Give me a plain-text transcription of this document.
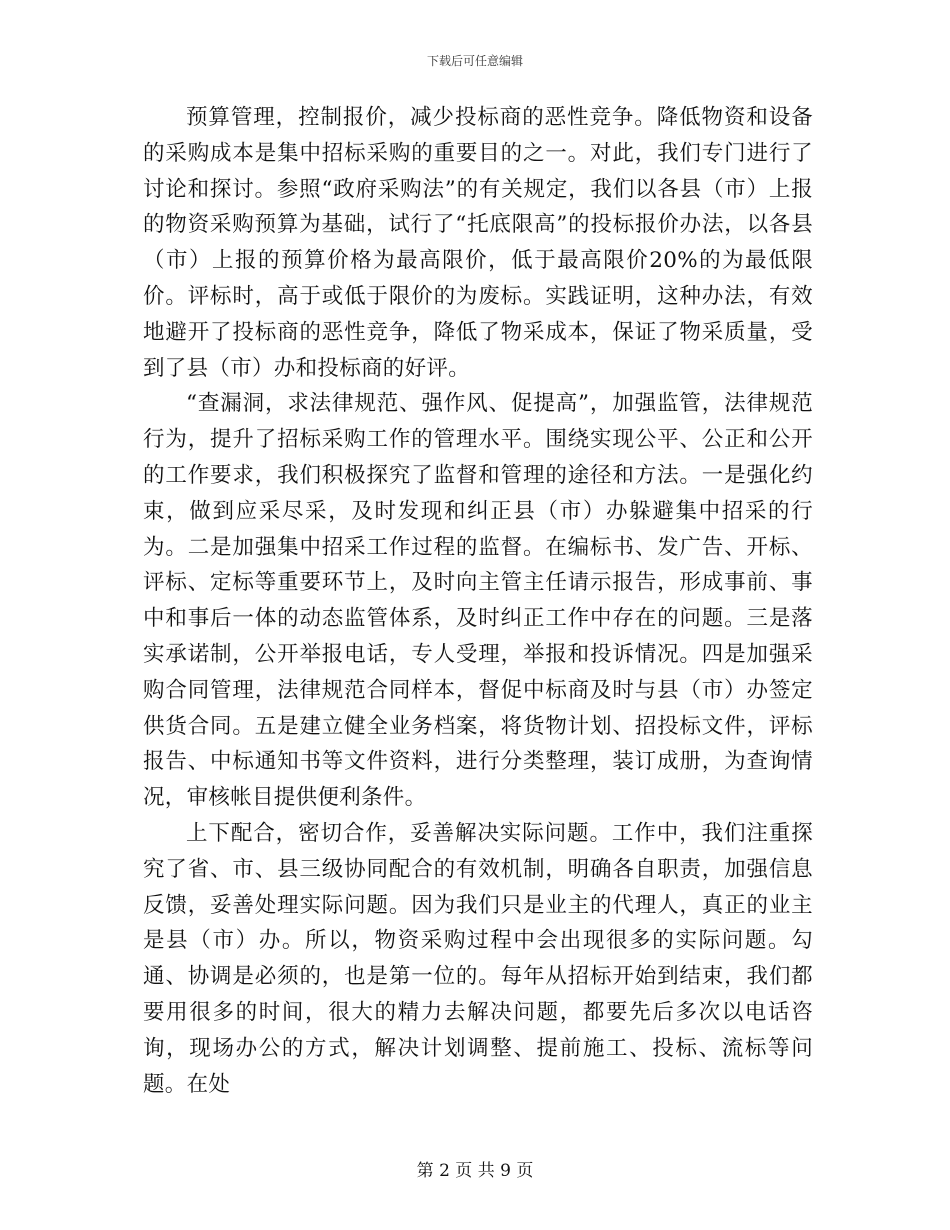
下载后可任意编辑

预算管理，控制报价，减少投标商的恶性竞争。降低物资和设备的采购成本是集中招标采购的重要目的之一。对此，我们专门进行了讨论和探讨。参照“政府采购法”的有关规定，我们以各县（市）上报的物资采购预算为基础，试行了“托底限高”的投标报价办法，以各县（市）上报的预算价格为最高限价，低于最高限价20%的为最低限价。评标时，高于或低于限价的为废标。实践证明，这种办法，有效地避开了投标商的恶性竞争，降低了物采成本，保证了物采质量，受到了县（市）办和投标商的好评。

“查漏洞，求法律规范、强作风、促提高”，加强监管，法律规范行为，提升了招标采购工作的管理水平。围绕实现公平、公正和公开的工作要求，我们积极探究了监督和管理的途径和方法。一是强化约束，做到应采尽采，及时发现和纠正县（市）办躲避集中招采的行为。二是加强集中招采工作过程的监督。在编标书、发广告、开标、评标、定标等重要环节上，及时向主管主任请示报告，形成事前、事中和事后一体的动态监管体系，及时纠正工作中存在的问题。三是落实承诺制，公开举报电话，专人受理，举报和投诉情况。四是加强采购合同管理，法律规范合同样本，督促中标商及时与县（市）办签定供货合同。五是建立健全业务档案，将货物计划、招投标文件，评标报告、中标通知书等文件资料，进行分类整理，装订成册，为查询情况，审核帐目提供便利条件。

上下配合，密切合作，妥善解决实际问题。工作中，我们注重探究了省、市、县三级协同配合的有效机制，明确各自职责，加强信息反馈，妥善处理实际问题。因为我们只是业主的代理人，真正的业主是县（市）办。所以，物资采购过程中会出现很多的实际问题。勾通、协调是必须的，也是第一位的。每年从招标开始到结束，我们都要用很多的时间，很大的精力去解决问题，都要先后多次以电话咨询，现场办公的方式，解决计划调整、提前施工、投标、流标等问题。在处

第 2 页 共 9 页
